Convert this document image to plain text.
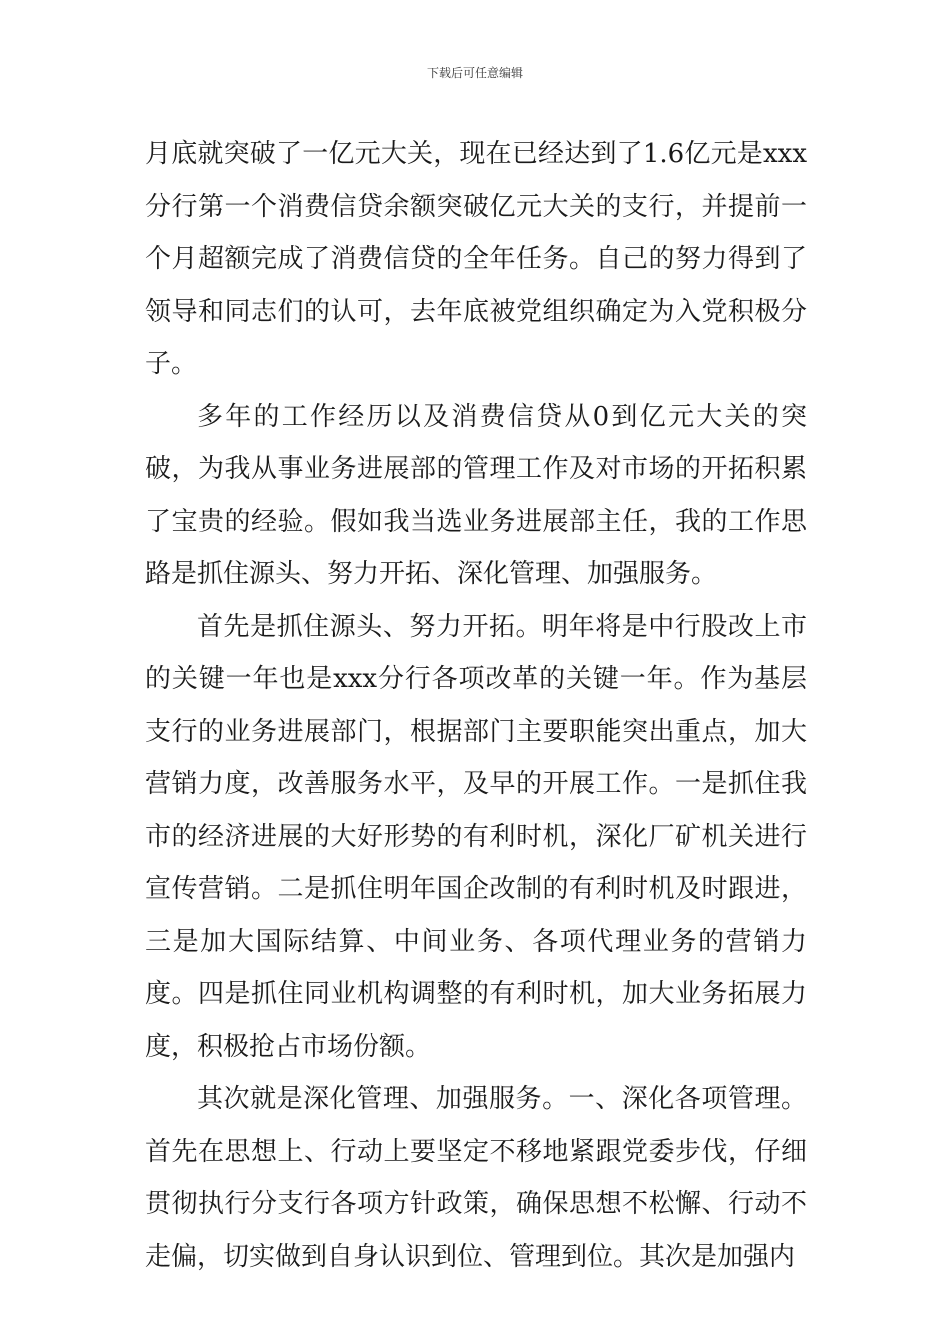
下载后可任意编辑

月底就突破了一亿元大关，现在已经达到了1.6亿元是xxx分行第一个消费信贷余额突破亿元大关的支行，并提前一个月超额完成了消费信贷的全年任务。自己的努力得到了领导和同志们的认可，去年底被党组织确定为入党积极分子。

多年的工作经历以及消费信贷从0到亿元大关的突破，为我从事业务进展部的管理工作及对市场的开拓积累了宝贵的经验。假如我当选业务进展部主任，我的工作思路是抓住源头、努力开拓、深化管理、加强服务。

首先是抓住源头、努力开拓。明年将是中行股改上市的关键一年也是xxx分行各项改革的关键一年。作为基层支行的业务进展部门，根据部门主要职能突出重点，加大营销力度，改善服务水平，及早的开展工作。一是抓住我市的经济进展的大好形势的有利时机，深化厂矿机关进行宣传营销。二是抓住明年国企改制的有利时机及时跟进，三是加大国际结算、中间业务、各项代理业务的营销力度。四是抓住同业机构调整的有利时机，加大业务拓展力度，积极抢占市场份额。

其次就是深化管理、加强服务。一、深化各项管理。首先在思想上、行动上要坚定不移地紧跟党委步伐，仔细贯彻执行分支行各项方针政策，确保思想不松懈、行动不走偏，切实做到自身认识到位、管理到位。其次是加强内
